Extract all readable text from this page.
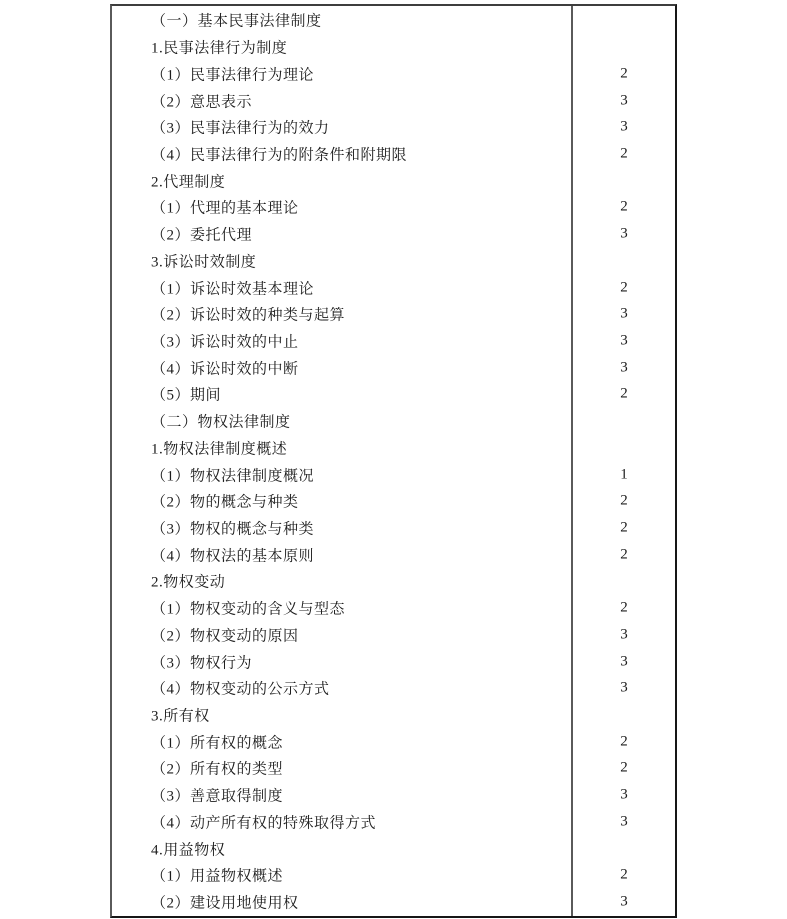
（一）基本民事法律制度
1.民事法律行为制度
（1）民事法律行为理论	2
（2）意思表示	3
（3）民事法律行为的效力	3
（4）民事法律行为的附条件和附期限	2
2.代理制度
（1）代理的基本理论	2
（2）委托代理	3
3.诉讼时效制度
（1）诉讼时效基本理论	2
（2）诉讼时效的种类与起算	3
（3）诉讼时效的中止	3
（4）诉讼时效的中断	3
（5）期间	2
（二）物权法律制度
1.物权法律制度概述
（1）物权法律制度概况	1
（2）物的概念与种类	2
（3）物权的概念与种类	2
（4）物权法的基本原则	2
2.物权变动
（1）物权变动的含义与型态	2
（2）物权变动的原因	3
（3）物权行为	3
（4）物权变动的公示方式	3
3.所有权
（1）所有权的概念	2
（2）所有权的类型	2
（3）善意取得制度	3
（4）动产所有权的特殊取得方式	3
4.用益物权
（1）用益物权概述	2
（2）建设用地使用权	3
